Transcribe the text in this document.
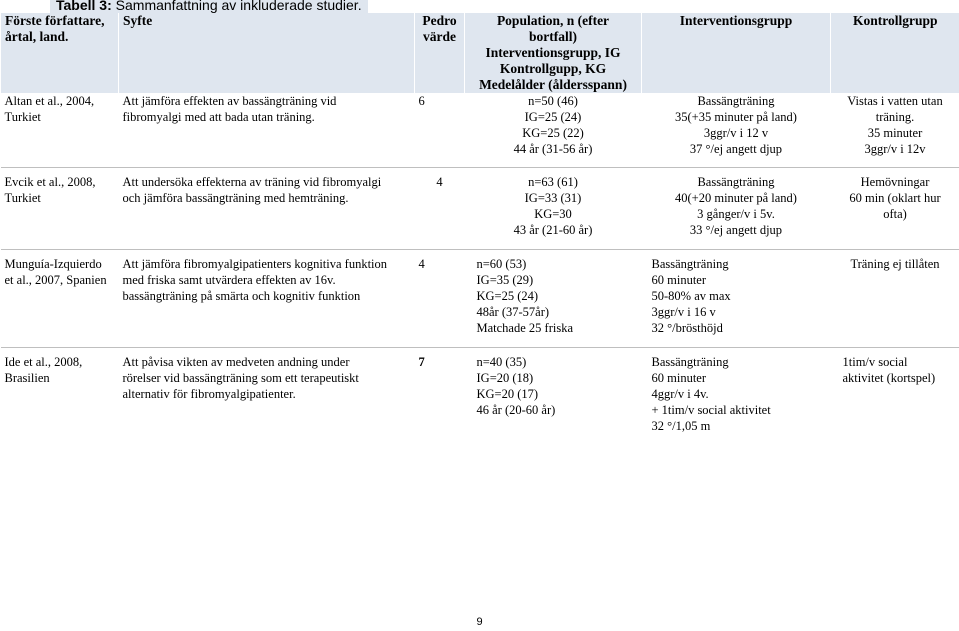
Tabell 3: Sammanfattning av inkluderade studier.
Förste författare,
årtal, land.	Syfte	Pedro
värde	Population, n (efter
bortfall)
Interventionsgrupp, IG
Kontrollgupp, KG
Medelålder (åldersspann)	Interventionsgrupp	Kontrollgrupp
Altan et al., 2004,
Turkiet	Att jämföra effekten av bassängträning vid
fibromyalgi med att bada utan träning.	6	n=50 (46)
IG=25 (24)
KG=25 (22)
44 år (31-56 år)	Bassängträning
35(+35 minuter på land)
3ggr/v i 12 v
37 °/ej angett djup	Vistas i vatten utan
träning.
35 minuter
3ggr/v i 12v
Evcik et al., 2008,
Turkiet	Att undersöka effekterna av träning vid fibromyalgi
och jämföra bassängträning med hemträning.	4	n=63 (61)
IG=33 (31)
KG=30
43 år (21-60 år)	Bassängträning
40(+20 minuter på land)
3 gånger/v i 5v.
33 °/ej angett djup	Hemövningar
60 min (oklart hur
ofta)
Munguía-Izquierdo
et al., 2007, Spanien	Att jämföra fibromyalgipatienters kognitiva funktion
med friska samt utvärdera effekten av 16v.
bassängträning på smärta och kognitiv funktion	4	n=60 (53)
IG=35 (29)
KG=25 (24)
48år (37-57år)
Matchade 25 friska	Bassängträning
60 minuter
50-80% av max
3ggr/v i 16 v
32 °/brösthöjd	Träning ej tillåten
Ide et al., 2008,
Brasilien	Att påvisa vikten av medveten andning under
rörelser vid bassängträning som ett terapeutiskt
alternativ för fibromyalgipatienter.	7	n=40 (35)
IG=20 (18)
KG=20 (17)
46 år (20-60 år)	Bassängträning
60 minuter
4ggr/v i 4v.
+ 1tim/v social aktivitet
32 °/1,05 m	1tim/v social
aktivitet (kortspel)
9
